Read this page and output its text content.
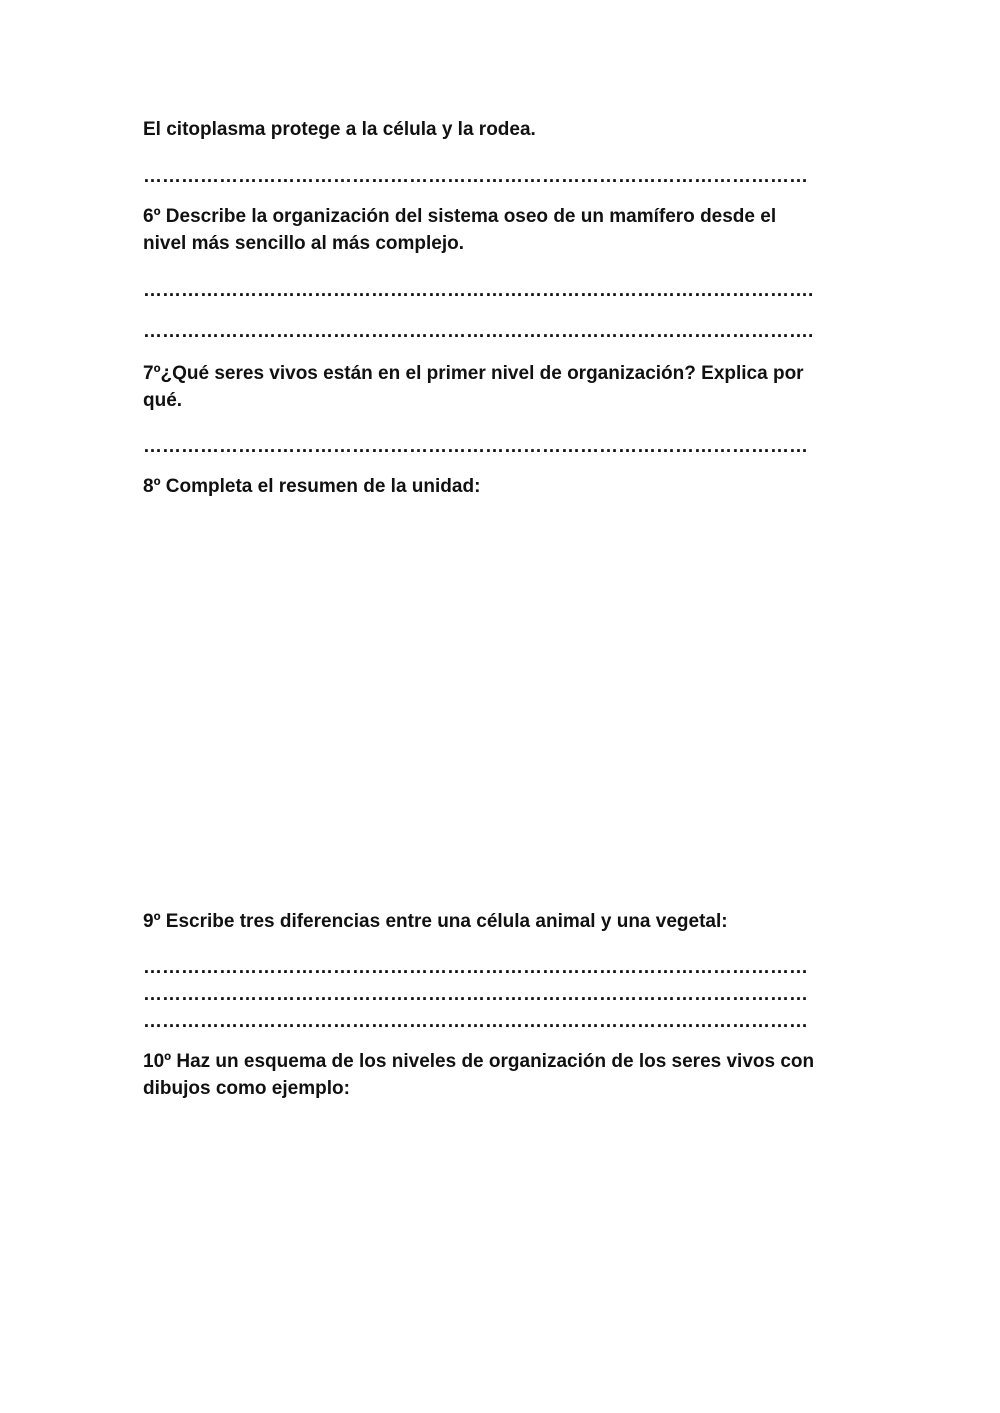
El citoplasma protege a la célula y la rodea.

……………………………………………………………………………………………

6º Describe la organización del sistema oseo de un mamífero desde el

nivel más sencillo al más complejo.

…………………………………………………………………………………………….

…………………………………………………………………………………………….

7º¿Qué seres vivos están en el primer nivel de organización? Explica por

qué.

……………………………………………………………………………………………

8º Completa el resumen de la unidad:

9º Escribe tres diferencias entre una célula animal y una vegetal:

……………………………………………………………………………………………

……………………………………………………………………………………………

……………………………………………………………………………………………

10º Haz un esquema de los niveles de organización de los seres vivos con

dibujos como ejemplo:
